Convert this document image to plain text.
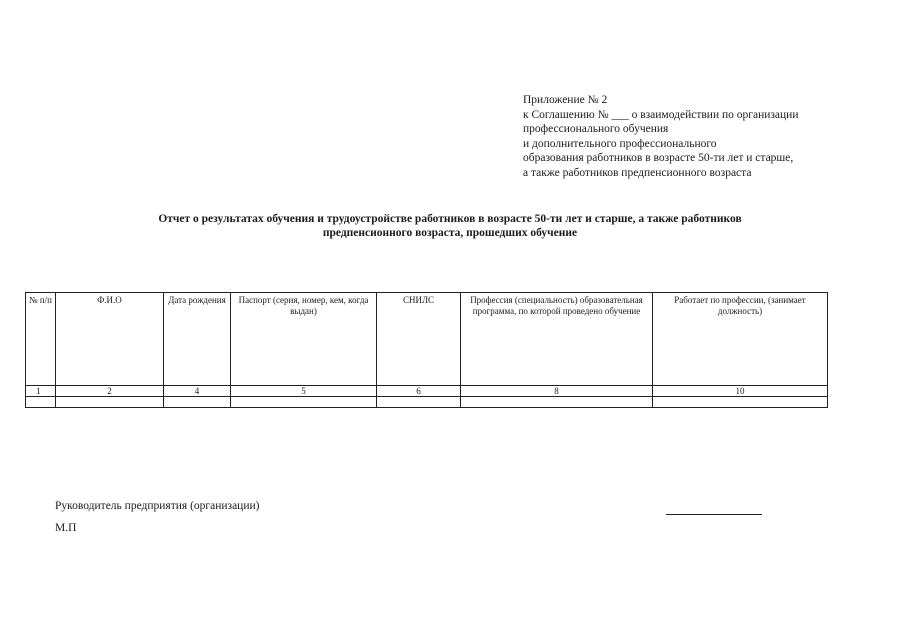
Приложение № 2
к Соглашению № ___ о взаимодействии по организации
профессионального обучения
и дополнительного профессионального
образования работников в возрасте 50-ти лет и старше,
а также работников предпенсионного возраста
Отчет о результатах обучения и трудоустройстве работников в возрасте 50-ти лет и старше, а также работников
предпенсионного возраста, прошедших обучение
№ п/п	Ф.И.О	Дата рождения	Паспорт (серия, номер, кем, когда выдан)	СНИЛС	Профессия (специальность) образовательная программа, по которой проведено обучение	Работает по профессии, (занимает должность)
1	2	4	5	6	8	10

Руководитель предприятия (организации)
М.П
